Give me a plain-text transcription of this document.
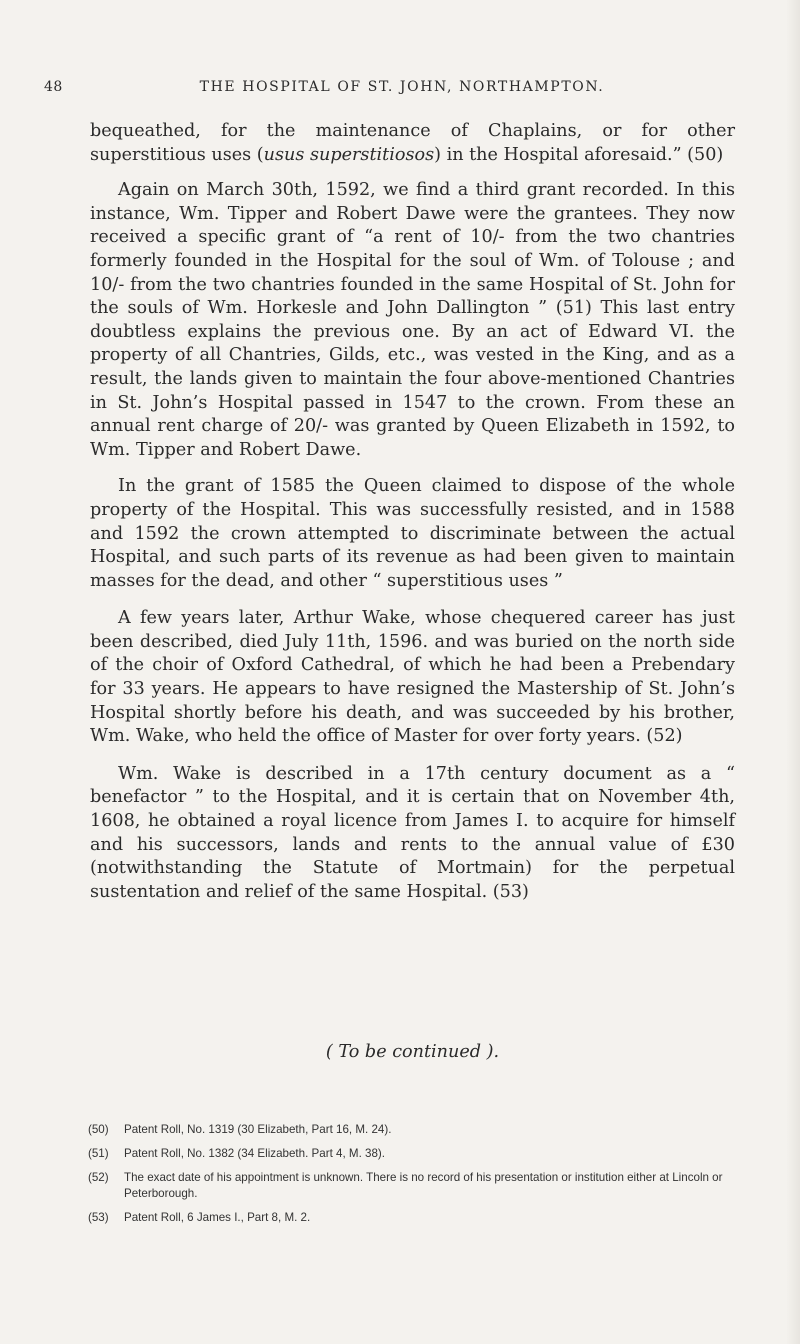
48	THE HOSPITAL OF ST. JOHN, NORTHAMPTON.

bequeathed, for the maintenance of Chaplains, or for other superstitious uses (usus superstitiosos) in the Hospital aforesaid.” (50)

Again on March 30th, 1592, we find a third grant recorded. In this instance, Wm. Tipper and Robert Dawe were the grantees. They now received a specific grant of “a rent of 10/- from the two chantries formerly founded in the Hospital for the soul of Wm. of Tolouse ; and 10/- from the two chantries founded in the same Hospital of St. John for the souls of Wm. Horkesle and John Dallington ” (51) This last entry doubtless explains the previous one. By an act of Edward VI. the property of all Chantries, Gilds, etc., was vested in the King, and as a result, the lands given to maintain the four above-mentioned Chantries in St. John’s Hospital passed in 1547 to the crown. From these an annual rent charge of 20/- was granted by Queen Elizabeth in 1592, to Wm. Tipper and Robert Dawe.

In the grant of 1585 the Queen claimed to dispose of the whole property of the Hospital. This was successfully resisted, and in 1588 and 1592 the crown attempted to discriminate between the actual Hospital, and such parts of its revenue as had been given to maintain masses for the dead, and other “ superstitious uses ”

A few years later, Arthur Wake, whose chequered career has just been described, died July 11th, 1596. and was buried on the north side of the choir of Oxford Cathedral, of which he had been a Prebendary for 33 years. He appears to have resigned the Mastership of St. John’s Hospital shortly before his death, and was succeeded by his brother, Wm. Wake, who held the office of Master for over forty years. (52)

Wm. Wake is described in a 17th century document as a “ benefactor ” to the Hospital, and it is certain that on November 4th, 1608, he obtained a royal licence from James I. to acquire for himself and his successors, lands and rents to the annual value of £30 (notwithstanding the Statute of Mortmain) for the perpetual sustentation and relief of the same Hospital. (53)

( To be continued ).
(50)	Patent Roll, No. 1319 (30 Elizabeth, Part 16, M. 24).
(51)	Patent Roll, No. 1382 (34 Elizabeth. Part 4, M. 38).
(52)	The exact date of his appointment is unknown. There is no record of his presentation or institution either at Lincoln or Peterborough.
(53)	Patent Roll, 6 James I., Part 8, M. 2.
